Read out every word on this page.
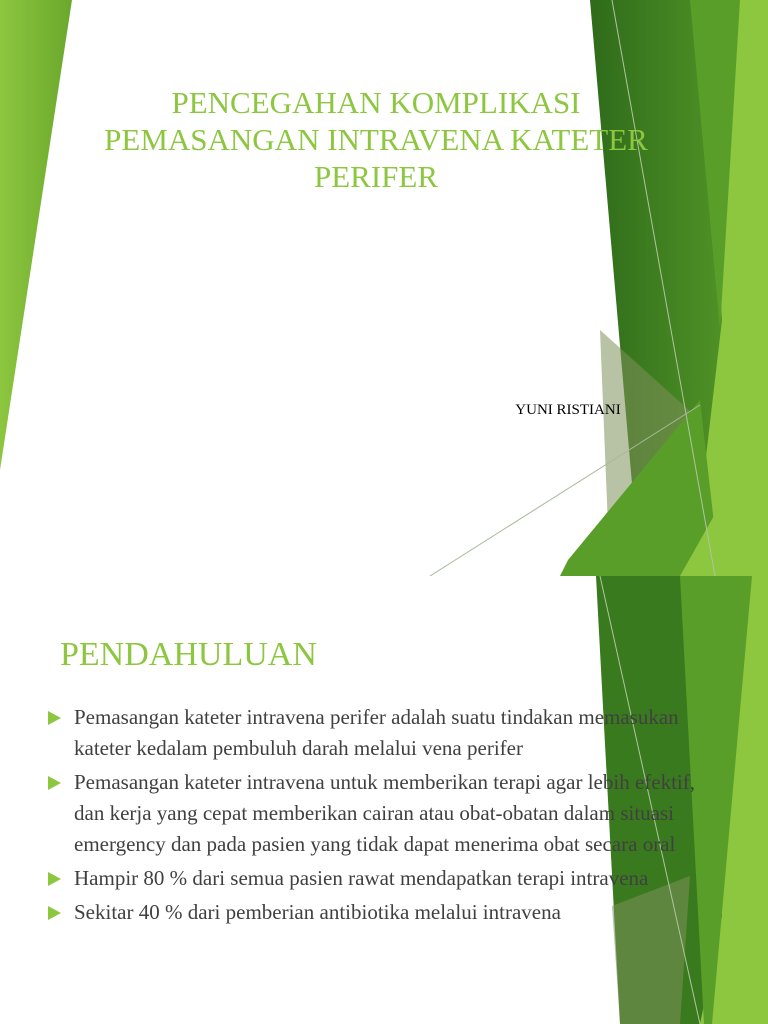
PENCEGAHAN KOMPLIKASI
PEMASANGAN INTRAVENA KATETER
PERIFER
YUNI RISTIANI
PENDAHULUAN
Pemasangan kateter intravena perifer adalah suatu tindakan memasukan kateter kedalam pembuluh darah melalui vena perifer
Pemasangan kateter intravena untuk memberikan terapi agar lebih efektif, dan kerja yang cepat memberikan cairan atau obat-obatan dalam situasi emergency dan pada pasien yang tidak dapat menerima obat secara oral
Hampir 80 % dari semua pasien rawat mendapatkan terapi intravena
Sekitar 40 % dari pemberian antibiotika melalui intravena
